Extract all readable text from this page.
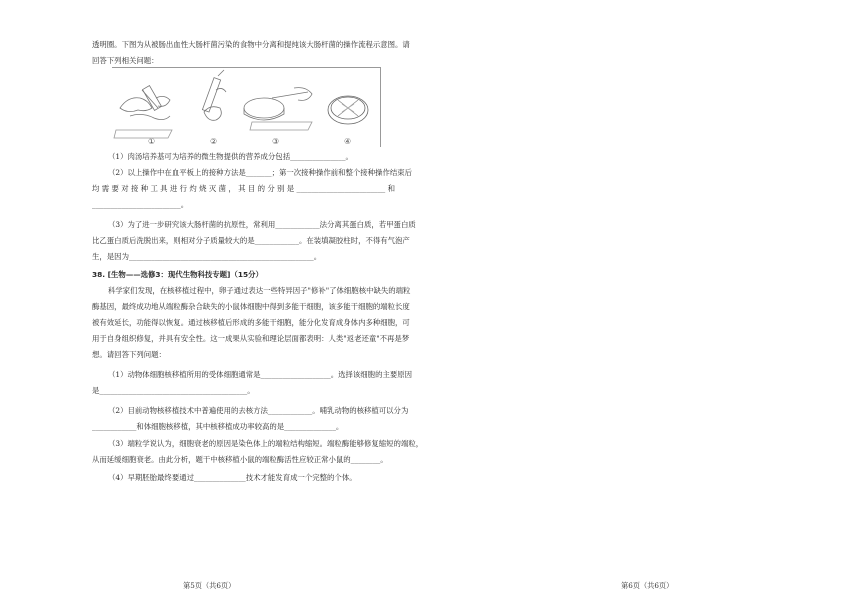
透明圈。下图为从被肠出血性大肠杆菌污染的食物中分离和提纯该大肠杆菌的操作流程示意图。请
回答下列相关问题：
①	②	③	④
（1）肉汤培养基可为培养的微生物提供的营养成分包括_______________。
（2）以上操作中在血平板上的接种方法是_______；第一次接种操作前和整个接种操作结束后
均 需 要 对 接 种 工 具 进 行 灼 烧 灭 菌 ， 其 目 的 分 别 是 ________________________ 和
________________________。
（3）为了进一步研究该大肠杆菌的抗原性，常利用____________法分离其蛋白质，若甲蛋白质
比乙蛋白质后洗脱出来，则相对分子质量较大的是____________。在装填凝胶柱时，不得有气泡产
生，是因为__________________________________________________。
38. [生物——选修3：现代生物科技专题]（15分）
科学家们发现，在核移植过程中，卵子通过表达一些特异因子"修补"了体细胞核中缺失的端粒
酶基因，最终成功地从端粒酶杂合缺失的小鼠体细胞中得到多能干细胞，该多能干细胞的端粒长度
被有效延长，功能得以恢复。通过核移植后形成的多能干细胞，能分化发育成身体内多种细胞，可
用于自身组织修复，并具有安全性。这一成果从实验和理论层面都表明：人类"返老还童"不再是梦
想。请回答下列问题：
（1）动物体细胞核移植所用的受体细胞通常是___________________。选择该细胞的主要原因
是________________________________________。
（2）目前动物核移植技术中普遍使用的去核方法____________。哺乳动物的核移植可以分为
____________和体细胞核移植，其中核移植成功率较高的是______________。
（3）端粒学说认为，细胞衰老的原因是染色体上的端粒结构缩短。端粒酶能够修复缩短的端粒，
从而延缓细胞衰老。由此分析，题干中核移植小鼠的端粒酶活性应较正常小鼠的________。
（4）早期胚胎最终要通过______________技术才能发育成一个完整的个体。
第5页（共6页）	第6页（共6页）
